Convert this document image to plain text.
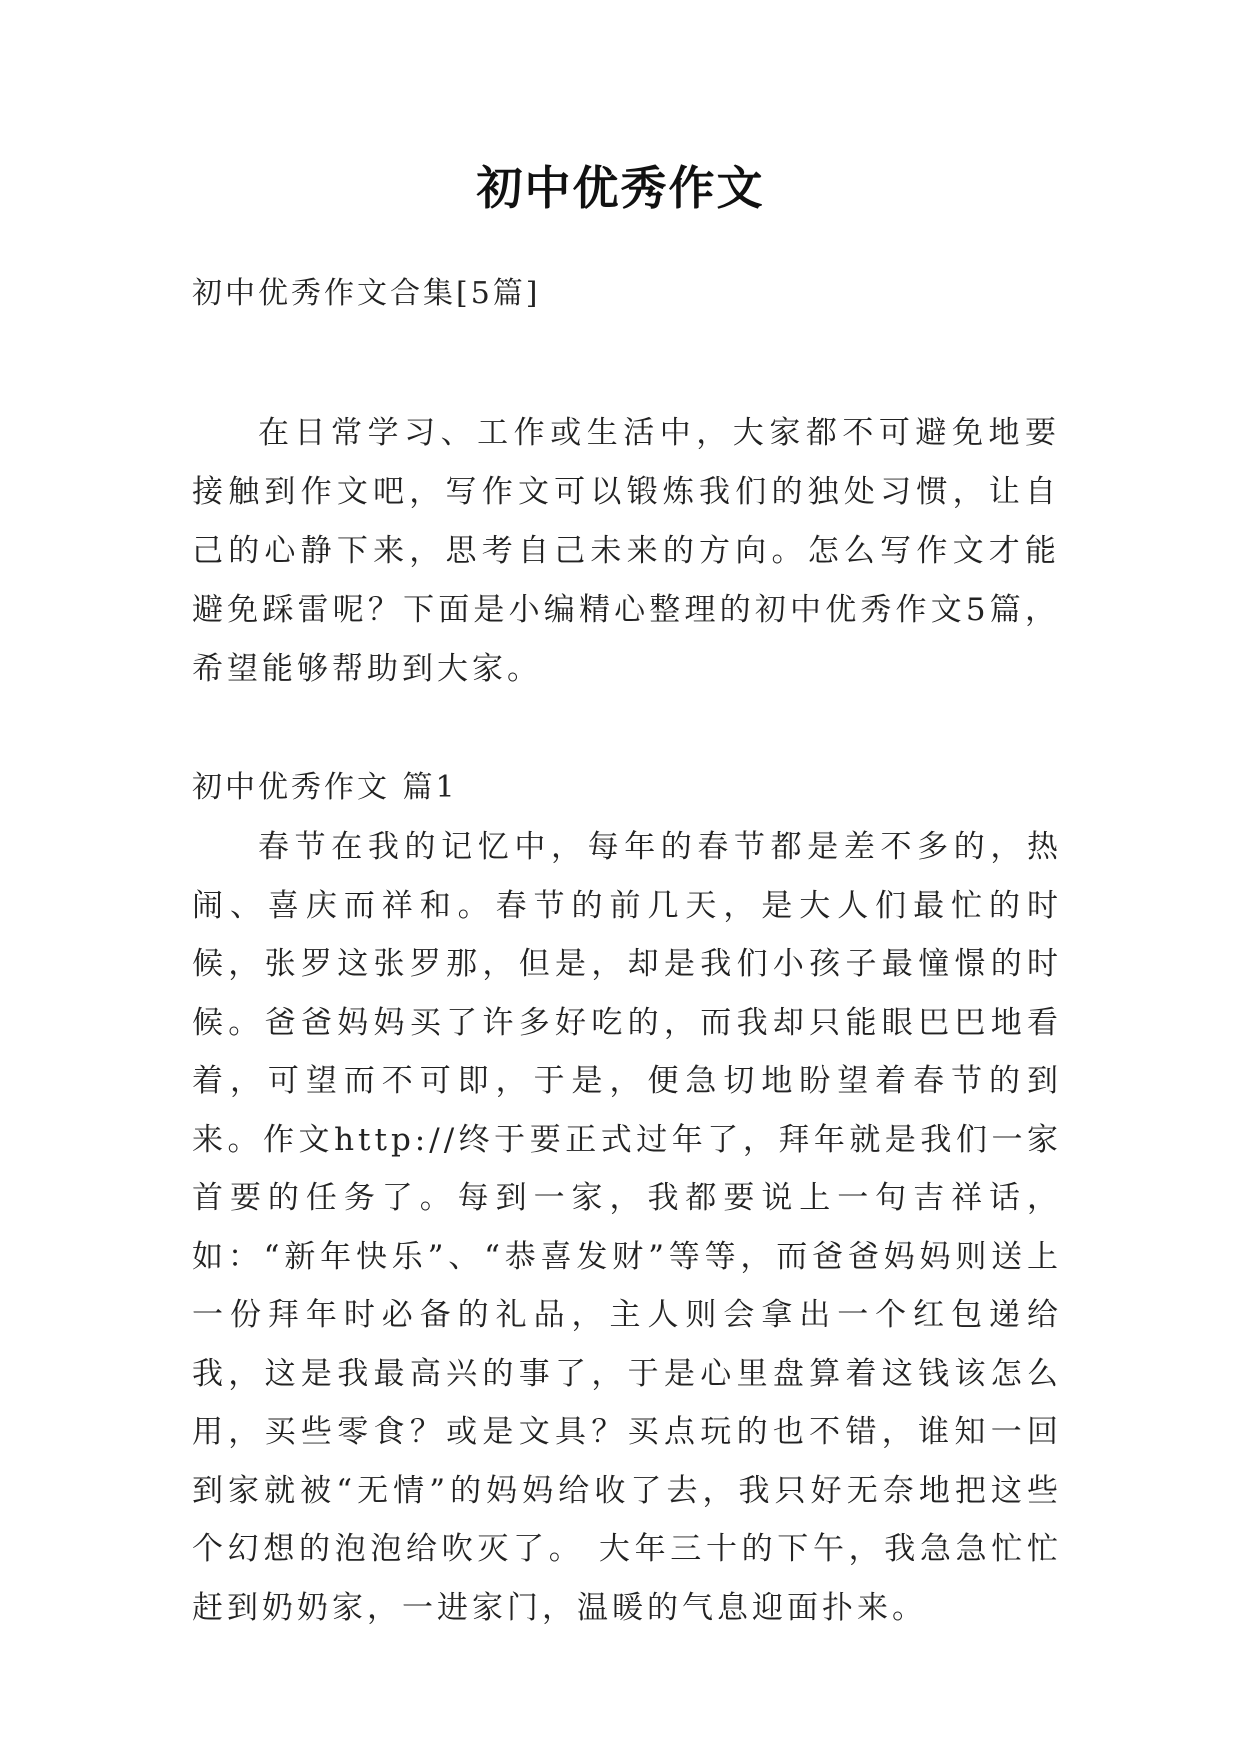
初中优秀作文
初中优秀作文合集[5篇]

在日常学习、工作或生活中，大家都不可避免地要接触到作文吧，写作文可以锻炼我们的独处习惯，让自己的心静下来，思考自己未来的方向。怎么写作文才能避免踩雷呢？下面是小编精心整理的初中优秀作文5篇，希望能够帮助到大家。

初中优秀作文 篇1

春节在我的记忆中，每年的春节都是差不多的，热闹、喜庆而祥和。春节的前几天，是大人们最忙的时候，张罗这张罗那，但是，却是我们小孩子最憧憬的时候。爸爸妈妈买了许多好吃的，而我却只能眼巴巴地看着，可望而不可即，于是，便急切地盼望着春节的到来。作文http://终于要正式过年了，拜年就是我们一家首要的任务了。每到一家，我都要说上一句吉祥话，如：“新年快乐”、“恭喜发财”等等，而爸爸妈妈则送上一份拜年时必备的礼品，主人则会拿出一个红包递给我，这是我最高兴的事了，于是心里盘算着这钱该怎么用，买些零食？或是文具？买点玩的也不错，谁知一回到家就被“无情”的妈妈给收了去，我只好无奈地把这些个幻想的泡泡给吹灭了。 大年三十的下午，我急急忙忙赶到奶奶家，一进家门，温暖的气息迎面扑来。
